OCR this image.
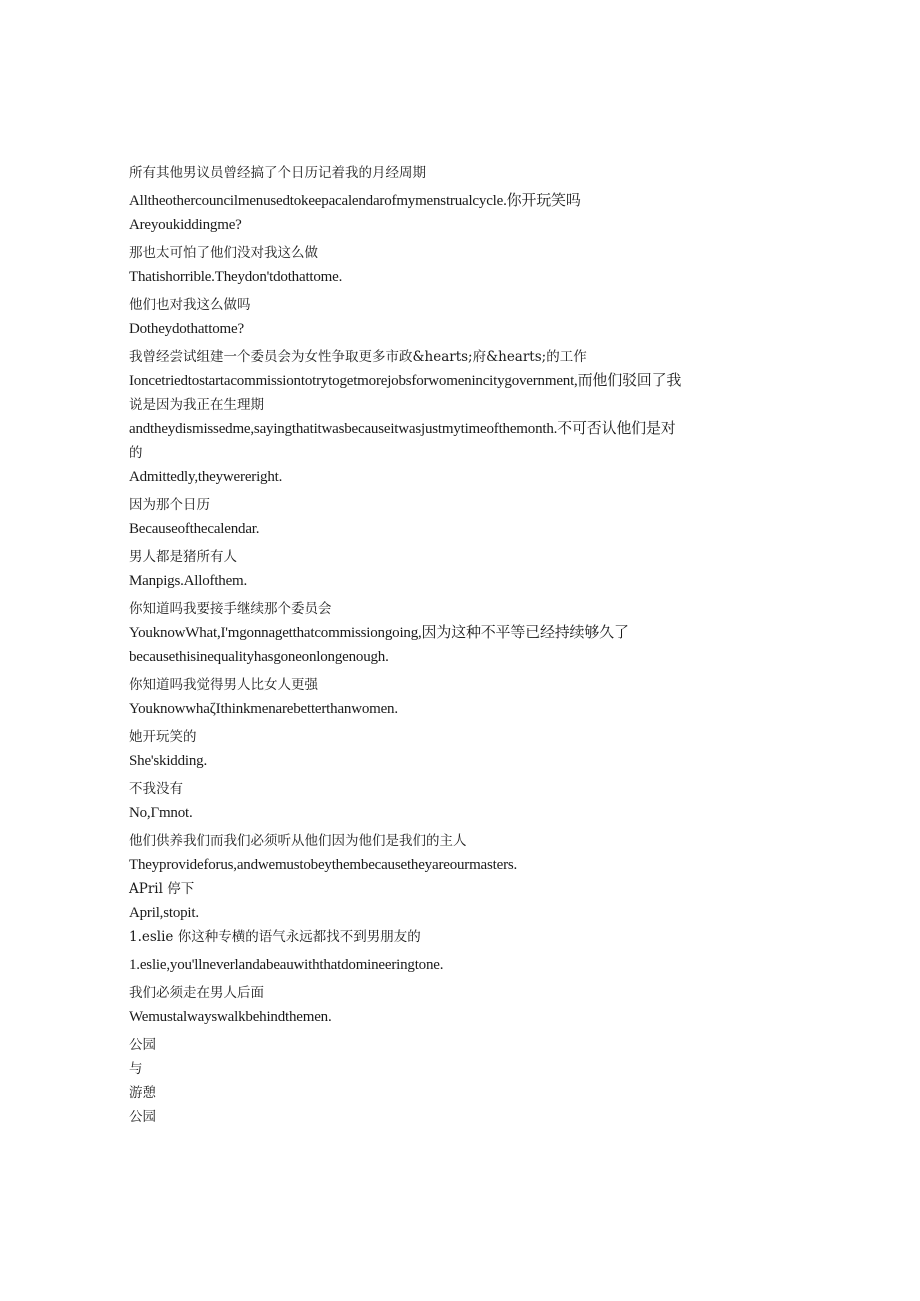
所有其他男议员曾经搞了个日历记着我的月经周期
Alltheothercouncilmenusedtokeepacalendarofmymenstrualcycle.你开玩笑吗
Areyoukiddingme?
那也太可怕了他们没对我这么做
Thatishorrible.Theydon'tdothattome.
他们也对我这么做吗
Dotheydothattome?
我曾经尝试组建一个委员会为女性争取更多市政&hearts;府&hearts;的工作
Ioncetriedtostartacommissiontotrytogetmorejobsforwomenincitygovernment,而他们驳回了我
说是因为我正在生理期
andtheydismissedme,sayingthatitwasbecauseitwasjustmytimeofthemonth.不可否认他们是对
的
Admittedly,theywereright.
因为那个日历
Becauseofthecalendar.
男人都是猪所有人
Manpigs.Allofthem.
你知道吗我要接手继续那个委员会
YouknowWhat,I'mgonnagetthatcommissiongoing,因为这种不平等已经持续够久了
becausethisinequalityhasgoneonlongenough.
你知道吗我觉得男人比女人更强
YouknowwhaζIthinkmenarebetterthanwomen.
她开玩笑的
She'skidding.
不我没有
No,Γmnot.
他们供养我们而我们必须听从他们因为他们是我们的主人
Theyprovideforus,andwemustobeythembecausetheyareourmasters.
APril 停下
April,stopit.
1.eslie 你这种专横的语气永远都找不到男朋友的
1.eslie,you'llneverlandabeauwiththatdomineeringtone.
我们必须走在男人后面
Wemustalwayswalkbehindthemen.
公园
与
游憩
公园
